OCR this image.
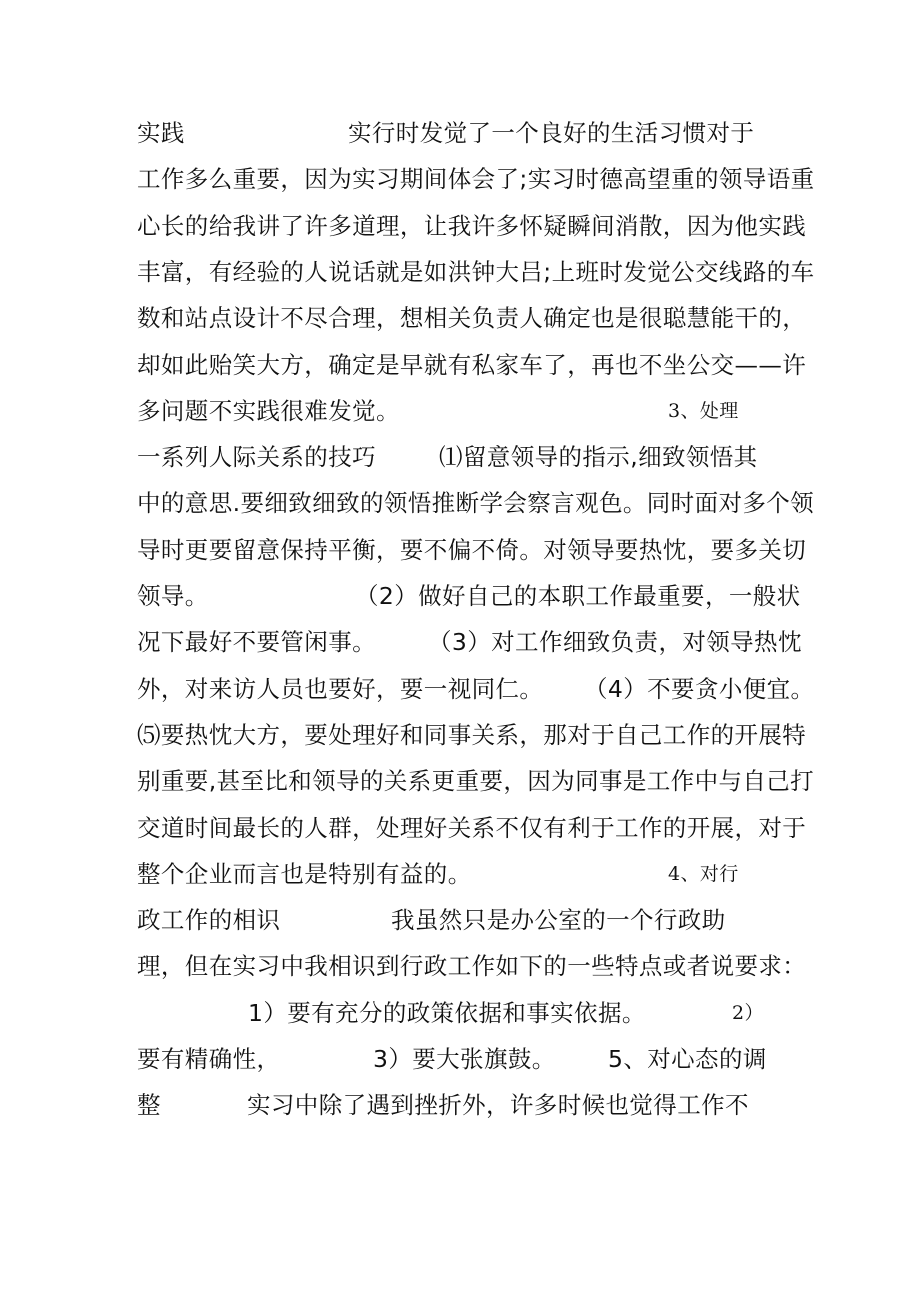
实践	实行时发觉了一个良好的生活习惯对于
工作多么重要，因为实习期间体会了;实习时德高望重的领导语重
心长的给我讲了许多道理，让我许多怀疑瞬间消散，因为他实践
丰富，有经验的人说话就是如洪钟大吕;上班时发觉公交线路的车
数和站点设计不尽合理，想相关负责人确定也是很聪慧能干的，
却如此贻笑大方，确定是早就有私家车了，再也不坐公交——许
多问题不实践很难发觉。	3、处理
一系列人际关系的技巧	⑴留意领导的指示,细致领悟其
中的意思.要细致细致的领悟推断学会察言观色。同时面对多个领
导时更要留意保持平衡，要不偏不倚。对领导要热忱，要多关切
领导。	（2）做好自己的本职工作最重要，一般状
况下最好不要管闲事。 （3）对工作细致负责，对领导热忱
外，对来访人员也要好，要一视同仁。 （4）不要贪小便宜。
⑸要热忱大方，要处理好和同事关系，那对于自己工作的开展特
别重要,甚至比和领导的关系更重要，因为同事是工作中与自己打
交道时间最长的人群，处理好关系不仅有利于工作的开展，对于
整个企业而言也是特别有益的。	4、对行
政工作的相识	我虽然只是办公室的一个行政助
理，但在实习中我相识到行政工作如下的一些特点或者说要求：
1）要有充分的政策依据和事实依据。	2）
要有精确性，	3）要大张旗鼓。 5、对心态的调
整	实习中除了遇到挫折外，许多时候也觉得工作不
